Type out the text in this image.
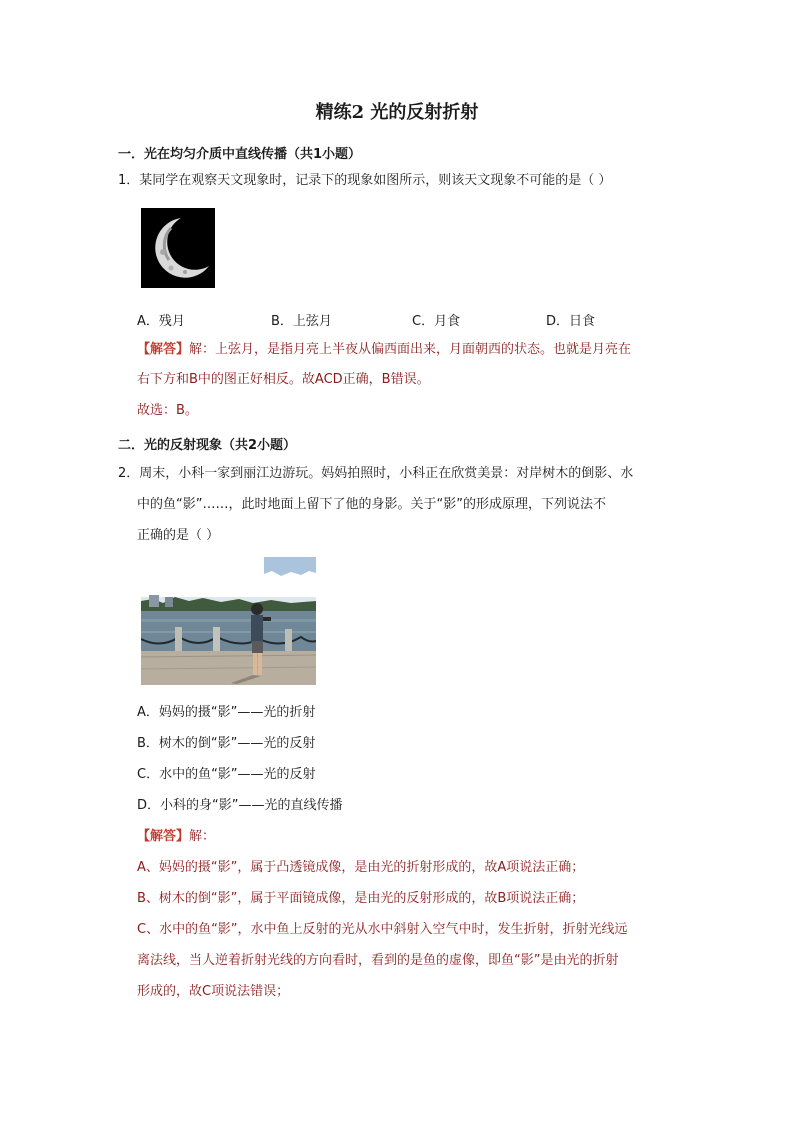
精练2 光的反射折射
一．光在均匀介质中直线传播（共1小题）
1．某同学在观察天文现象时，记录下的现象如图所示，则该天文现象不可能的是（ ）
A．残月	B．上弦月	C．月食	D．日食
【解答】解：上弦月，是指月亮上半夜从偏西面出来，月面朝西的状态。也就是月亮在
右下方和B中的图正好相反。故ACD正确，B错误。
故选：B。
二．光的反射现象（共2小题）
2．周末，小科一家到丽江边游玩。妈妈拍照时，小科正在欣赏美景：对岸树木的倒影、水
中的鱼“影”……，此时地面上留下了他的身影。关于“影”的形成原理，下列说法不
正确的是（ ）
A．妈妈的摄“影”——光的折射
B．树木的倒“影”——光的反射
C．水中的鱼“影”——光的反射
D．小科的身“影”——光的直线传播
【解答】解：
A、妈妈的摄“影”，属于凸透镜成像，是由光的折射形成的，故A项说法正确；
B、树木的倒“影”，属于平面镜成像，是由光的反射形成的，故B项说法正确；
C、水中的鱼“影”，水中鱼上反射的光从水中斜射入空气中时，发生折射，折射光线远
离法线，当人逆着折射光线的方向看时，看到的是鱼的虚像，即鱼“影”是由光的折射
形成的，故C项说法错误；
